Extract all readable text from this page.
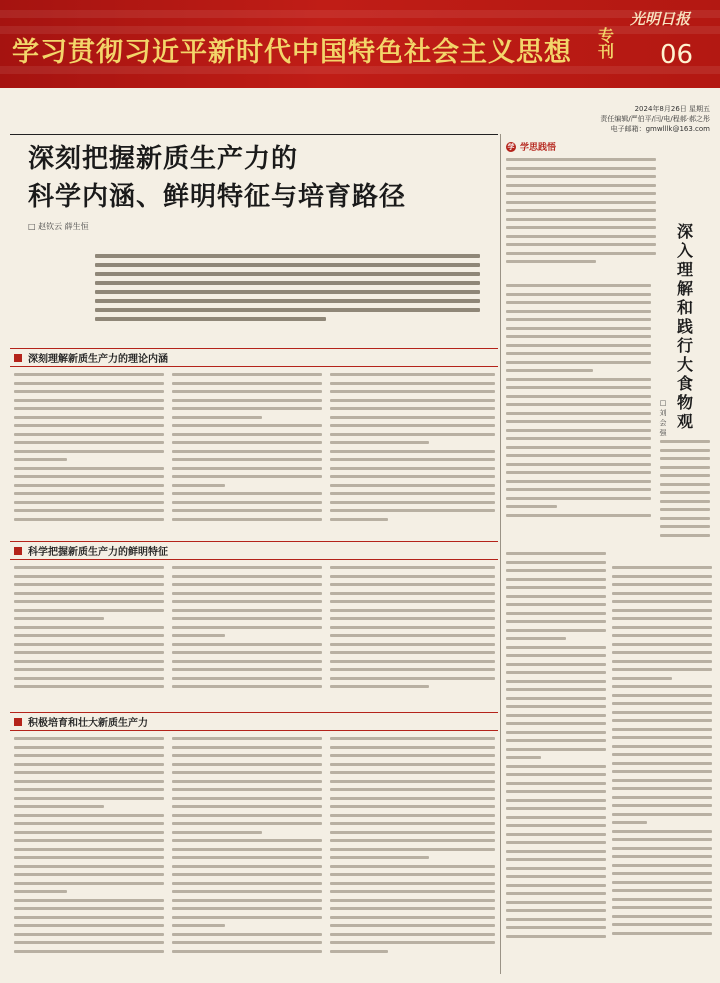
学习贯彻习近平新时代中国特色社会主义思想
专刊
光明日报
06
2024年8月26日 星期五
责任编辑/严伯平/闫/电/程郝·郝之彤
电子邮箱：gmwlllk@163.com
深刻把握新质生产力的
科学内涵、鲜明特征与培育路径
□ 赵钦云 薛生恒
深刻理解新质生产力的理论内涵
科学把握新质生产力的鲜明特征
积极培育和壮大新质生产力
学 学思践悟
深入理解和践行大食物观
□
刘会强
